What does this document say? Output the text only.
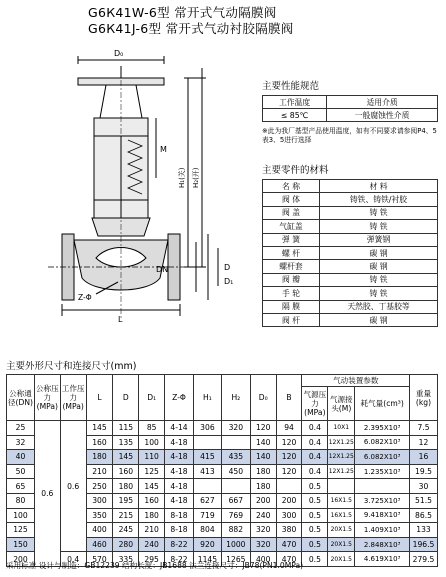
G6К41W-6型 常开式气动隔膜阀
G6К41J-6型 常开式气动衬胶隔膜阀
D₀
M
H₁(关) H₂(开)
L
D
D₁
DN
Z-Φ
主要性能规范
工作温度	适用介质
≤ 85℃	一般腐蚀性介质
※此为我厂基型产品使用温度，如有不同要求请参阅P4、5表3、5进行选择
主要零件的材料
名 称	材 料
阀 体	铸铁、铸铁/衬胶
阀 盖	铸 铁
气缸盖	铸 铁
弹 簧	弹簧钢
螺 杆	碳 钢
螺杆套	碳 钢
阀 瓣	铸 铁
手 轮	铸 铁
隔 膜	天然胶、丁基胶等
阀 杆	碳 钢
主要外形尺寸和连接尺寸(mm)
公称通径(DN)	公称压力(MPa)	工作压力(MPa)	L	D	D₁	Z-Φ	H₁	H₂	D₀	B	气动装置参数			重量(kg)
											气源压力(MPa)	气源接头(M)	耗气量(cm³)	
25	0.6	0.6	145	115	85	4-14	306	320	120	94	0.4	10X1	2.395X10³	7.5
32			160	135	100	4-18			140	120	0.4	12X1.25	6.082X10³	12
40			180	145	110	4-18	415	435	140	120	0.4	12X1.25	6.082X10³	16
50			210	160	125	4-18	413	450	180	120	0.4	12X1.25	1.235X10³	19.5
65			250	180	145	4-18			180		0.5			30
80			300	195	160	4-18	627	667	200	200	0.5	16X1.5	3.725X10³	51.5
100			350	215	180	8-18	719	769	240	300	0.5	16X1.5	9.418X10³	86.5
125			400	245	210	8-18	804	882	320	380	0.5	20X1.5	1.409X10³	133
150			460	280	240	8-22	920	1000	320	470	0.5	20X1.5	2.848X10³	196.5
200		0.4	570	335	295	8-22	1145	1265	400	470	0.5	20X1.5	4.619X10³	279.5
采用标准 设计与制造：GB12239 结构长度：JB1688 法兰连接尺寸：JB78(PN1.0MPa)
